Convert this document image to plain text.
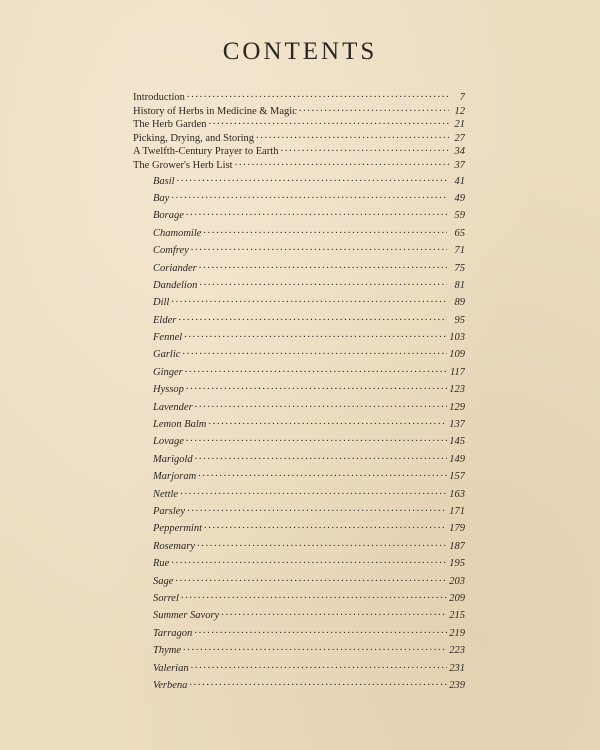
CONTENTS
Introduction . . .	7
History of Herbs in Medicine & Magic . . .	12
The Herb Garden . . .	21
Picking, Drying, and Storing . . .	27
A Twelfth-Century Prayer to Earth . . .	34
The Grower's Herb List . . .	37
Basil . . .	41
Bay . . .	49
Borage . . .	59
Chamomile . . .	65
Comfrey . . .	71
Coriander . . .	75
Dandelion . . .	81
Dill . . .	89
Elder . . .	95
Fennel . . .	103
Garlic . . .	109
Ginger . . .	117
Hyssop . . .	123
Lavender . . .	129
Lemon Balm . . .	137
Lovage . . .	145
Marigold . . .	149
Marjoram . . .	157
Nettle . . .	163
Parsley . . .	171
Peppermint . . .	179
Rosemary . . .	187
Rue . . .	195
Sage . . .	203
Sorrel . . .	209
Summer Savory . . .	215
Tarragon . . .	219
Thyme . . .	223
Valerian . . .	231
Verbena . . .	239
